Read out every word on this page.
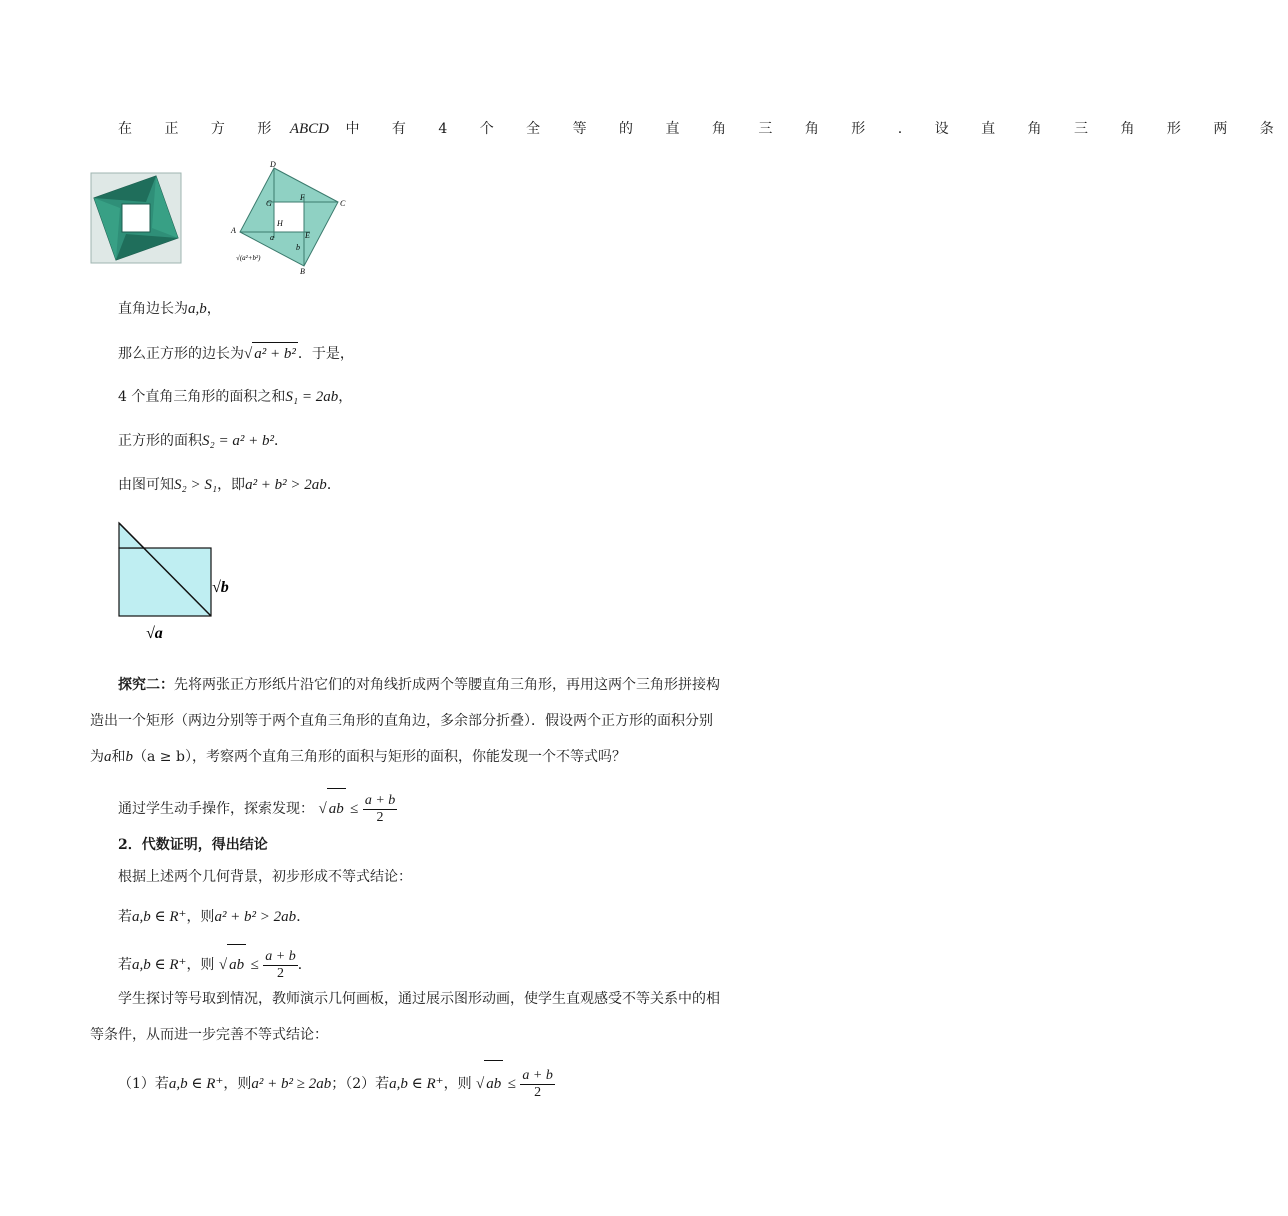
在 正 方 形 ABCD 中 有 4 个 全 等 的 直 角 三 角 形 . 设 直 角 三 角 形 两 条
D
C
A
B
G
F
H
E
a
b
√(a²+b²)
直角边长为a,b，
那么正方形的边长为√ a² + b² ．于是，
4 个直角三角形的面积之和S₁ = 2ab，
正方形的面积S₂ = a² + b²．
由图可知S₂ > S₁，即a² + b² > 2ab．
√b
√a
探究二：先将两张正方形纸片沿它们的对角线折成两个等腰直角三角形，再用这两个三角形拼接构
造出一个矩形（两边分别等于两个直角三角形的直角边，多余部分折叠）．假设两个正方形的面积分别
为a和b（a ≥ b），考察两个直角三角形的面积与矩形的面积，你能发现一个不等式吗？
通过学生动手操作，探索发现： √ ab ≤ $\frac{a + b}{2}$
2．代数证明，得出结论
根据上述两个几何背景，初步形成不等式结论：
若a,b ∈ R⁺，则a² + b² > 2ab．
若a,b ∈ R⁺，则 √ ab ≤ $\frac{a + b}{2}$ ．
学生探讨等号取到情况，教师演示几何画板，通过展示图形动画，使学生直观感受不等关系中的相
等条件，从而进一步完善不等式结论：
（1）若a,b ∈ R⁺，则a² + b² ≥ 2ab；（2）若a,b ∈ R⁺，则 √ ab ≤ $\frac{a + b}{2}$
